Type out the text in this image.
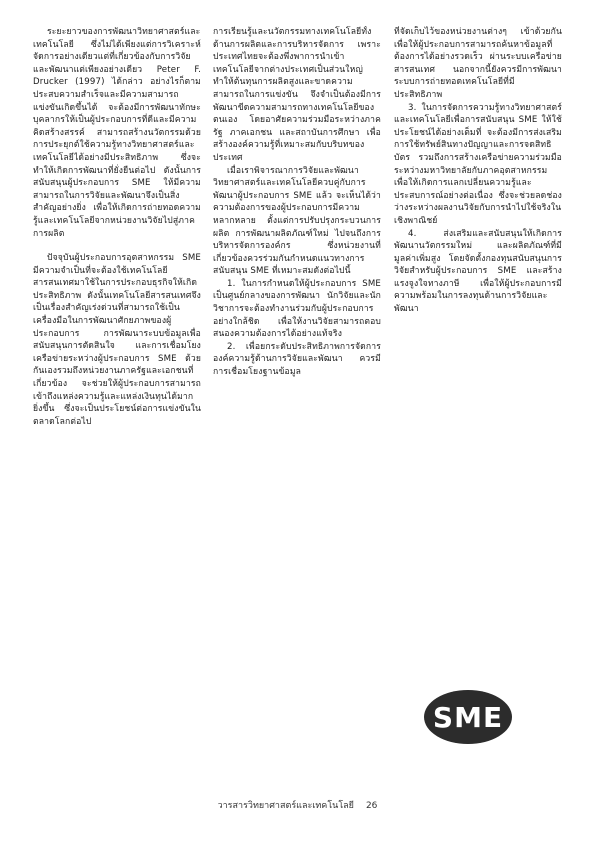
ระยะยาวของการพัฒนาวิทยาศาสตร์และเทคโนโลยี ซึ่งไม่ได้เพียงแต่การวิเคราะห์จัดการอย่างเดียวแต่ที่เกี่ยวข้องกับการวิจัยและพัฒนาแต่เพียงอย่างเดียว Peter F. Drucker (1997) ได้กล่าว อย่างไรก็ตามประสบความสำเร็จและมีความสามารถแข่งขันเกิดขึ้นได้ จะต้องมีการพัฒนาทักษะบุคลากรให้เป็นผู้ประกอบการที่ดีและมีความคิดสร้างสรรค์ สามารถสร้างนวัตกรรมด้วยการประยุกต์ใช้ความรู้ทางวิทยาศาสตร์และเทคโนโลยีได้อย่างมีประสิทธิภาพ ซึ่งจะทำให้เกิดการพัฒนาที่ยั่งยืนต่อไป ดังนั้นการสนับสนุนผู้ประกอบการ SME ให้มีความสามารถในการวิจัยและพัฒนาจึงเป็นสิ่งสำคัญอย่างยิ่ง เพื่อให้เกิดการถ่ายทอดความรู้และเทคโนโลยีจากหน่วยงานวิจัยไปสู่ภาคการผลิต

ปัจจุบันผู้ประกอบการอุตสาหกรรม SME มีความจำเป็นที่จะต้องใช้เทคโนโลยีสารสนเทศมาใช้ในการประกอบธุรกิจให้เกิดประสิทธิภาพ ดังนั้นเทคโนโลยีสารสนเทศจึงเป็นเรื่องสำคัญเร่งด่วนที่สามารถใช้เป็นเครื่องมือในการพัฒนาศักยภาพของผู้ประกอบการ การพัฒนาระบบข้อมูลเพื่อสนับสนุนการตัดสินใจ และการเชื่อมโยงเครือข่ายระหว่างผู้ประกอบการ SME ด้วยกันเองรวมถึงหน่วยงานภาครัฐและเอกชนที่เกี่ยวข้อง จะช่วยให้ผู้ประกอบการสามารถเข้าถึงแหล่งความรู้และแหล่งเงินทุนได้มากยิ่งขึ้น ซึ่งจะเป็นประโยชน์ต่อการแข่งขันในตลาดโลกต่อไป

การเรียนรู้และนวัตกรรมทางเทคโนโลยีทั้งด้านการผลิตและการบริหารจัดการ เพราะประเทศไทยจะต้องพึ่งพาการนำเข้าเทคโนโลยีจากต่างประเทศเป็นส่วนใหญ่ ทำให้ต้นทุนการผลิตสูงและขาดความสามารถในการแข่งขัน จึงจำเป็นต้องมีการพัฒนาขีดความสามารถทางเทคโนโลยีของตนเอง โดยอาศัยความร่วมมือระหว่างภาครัฐ ภาคเอกชน และสถาบันการศึกษา เพื่อสร้างองค์ความรู้ที่เหมาะสมกับบริบทของประเทศ

เมื่อเราพิจารณาการวิจัยและพัฒนาวิทยาศาสตร์และเทคโนโลยีควบคู่กับการพัฒนาผู้ประกอบการ SME แล้ว จะเห็นได้ว่าความต้องการของผู้ประกอบการมีความหลากหลาย ตั้งแต่การปรับปรุงกระบวนการผลิต การพัฒนาผลิตภัณฑ์ใหม่ ไปจนถึงการบริหารจัดการองค์กร ซึ่งหน่วยงานที่เกี่ยวข้องควรร่วมกันกำหนดแนวทางการสนับสนุน SME ที่เหมาะสมดังต่อไปนี้

1. ในการกำหนดให้ผู้ประกอบการ SME เป็นศูนย์กลางของการพัฒนา นักวิจัยและนักวิชาการจะต้องทำงานร่วมกับผู้ประกอบการอย่างใกล้ชิด เพื่อให้งานวิจัยสามารถตอบสนองความต้องการได้อย่างแท้จริง

2. เพื่อยกระดับประสิทธิภาพการจัดการองค์ความรู้ด้านการวิจัยและพัฒนา ควรมีการเชื่อมโยงฐานข้อมูล

ที่จัดเก็บไว้ของหน่วยงานต่างๆ เข้าด้วยกัน เพื่อให้ผู้ประกอบการสามารถค้นหาข้อมูลที่ต้องการได้อย่างรวดเร็ว ผ่านระบบเครือข่ายสารสนเทศ นอกจากนี้ยังควรมีการพัฒนาระบบการถ่ายทอดเทคโนโลยีที่มีประสิทธิภาพ

3. ในการจัดการความรู้ทางวิทยาศาสตร์และเทคโนโลยีเพื่อการสนับสนุน SME ให้ใช้ประโยชน์ได้อย่างเต็มที่ จะต้องมีการส่งเสริมการใช้ทรัพย์สินทางปัญญาและการจดสิทธิบัตร รวมถึงการสร้างเครือข่ายความร่วมมือระหว่างมหาวิทยาลัยกับภาคอุตสาหกรรม เพื่อให้เกิดการแลกเปลี่ยนความรู้และประสบการณ์อย่างต่อเนื่อง ซึ่งจะช่วยลดช่องว่างระหว่างผลงานวิจัยกับการนำไปใช้จริงในเชิงพาณิชย์

4. ส่งเสริมและสนับสนุนให้เกิดการพัฒนานวัตกรรมใหม่ และผลิตภัณฑ์ที่มีมูลค่าเพิ่มสูง โดยจัดตั้งกองทุนสนับสนุนการวิจัยสำหรับผู้ประกอบการ SME และสร้างแรงจูงใจทางภาษี เพื่อให้ผู้ประกอบการมีความพร้อมในการลงทุนด้านการวิจัยและพัฒนา

SME
วารสารวิทยาศาสตร์และเทคโนโลยี 26
